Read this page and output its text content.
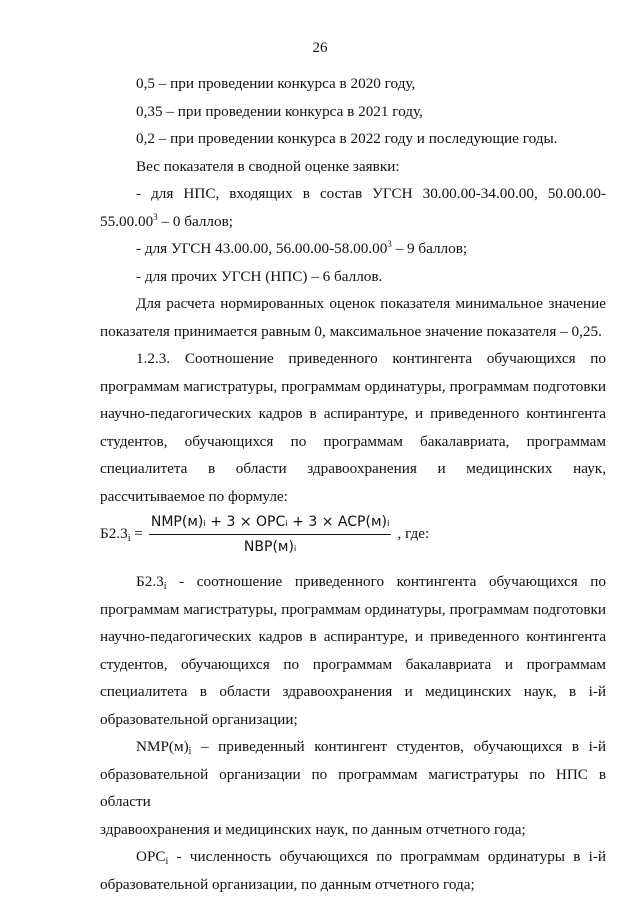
26

0,5 – при проведении конкурса в 2020 году,

0,35 – при проведении конкурса в 2021 году,

0,2 – при проведении конкурса в 2022 году и последующие годы.

Вес показателя в сводной оценке заявки:

- для НПС, входящих в состав УГСН 30.00.00-34.00.00, 50.00.00-

55.00.00$^3$ – 0 баллов;

- для УГСН 43.00.00, 56.00.00-58.00.00$^3$ – 9 баллов;

- для прочих УГСН (НПС) – 6 баллов.

Для расчета нормированных оценок показателя минимальное значение

показателя принимается равным 0, максимальное значение показателя – 0,25.

1.2.3. Соотношение приведенного контингента обучающихся по

программам магистратуры, программам ординатуры, программам подготовки

научно-педагогических кадров в аспирантуре, и приведенного контингента

студентов, обучающихся по программам бакалавриата, программам

специалитета в области здравоохранения и медицинских наук,

рассчитываемое по формуле:

$Б2.3_i = \frac{\text{NMP(м)ᵢ + 3 × OPCᵢ + 3 × ACP(м)ᵢ}}{\text{NBP(м)ᵢ}}$ , где:

$Б2.3_i$ - соотношение приведенного контингента обучающихся по

программам магистратуры, программам ординатуры, программам подготовки

научно-педагогических кадров в аспирантуре, и приведенного контингента

студентов, обучающихся по программам бакалавриата и программам

специалитета в области здравоохранения и медицинских наук, в i-й

образовательной организации;

$NMP(м)_i$ – приведенный контингент студентов, обучающихся в i-й

образовательной организации по программам магистратуры по НПС в области

здравоохранения и медицинских наук, по данным отчетного года;

$OPC_i$ - численность обучающихся по программам ординатуры в i-й

образовательной организации, по данным отчетного года;
